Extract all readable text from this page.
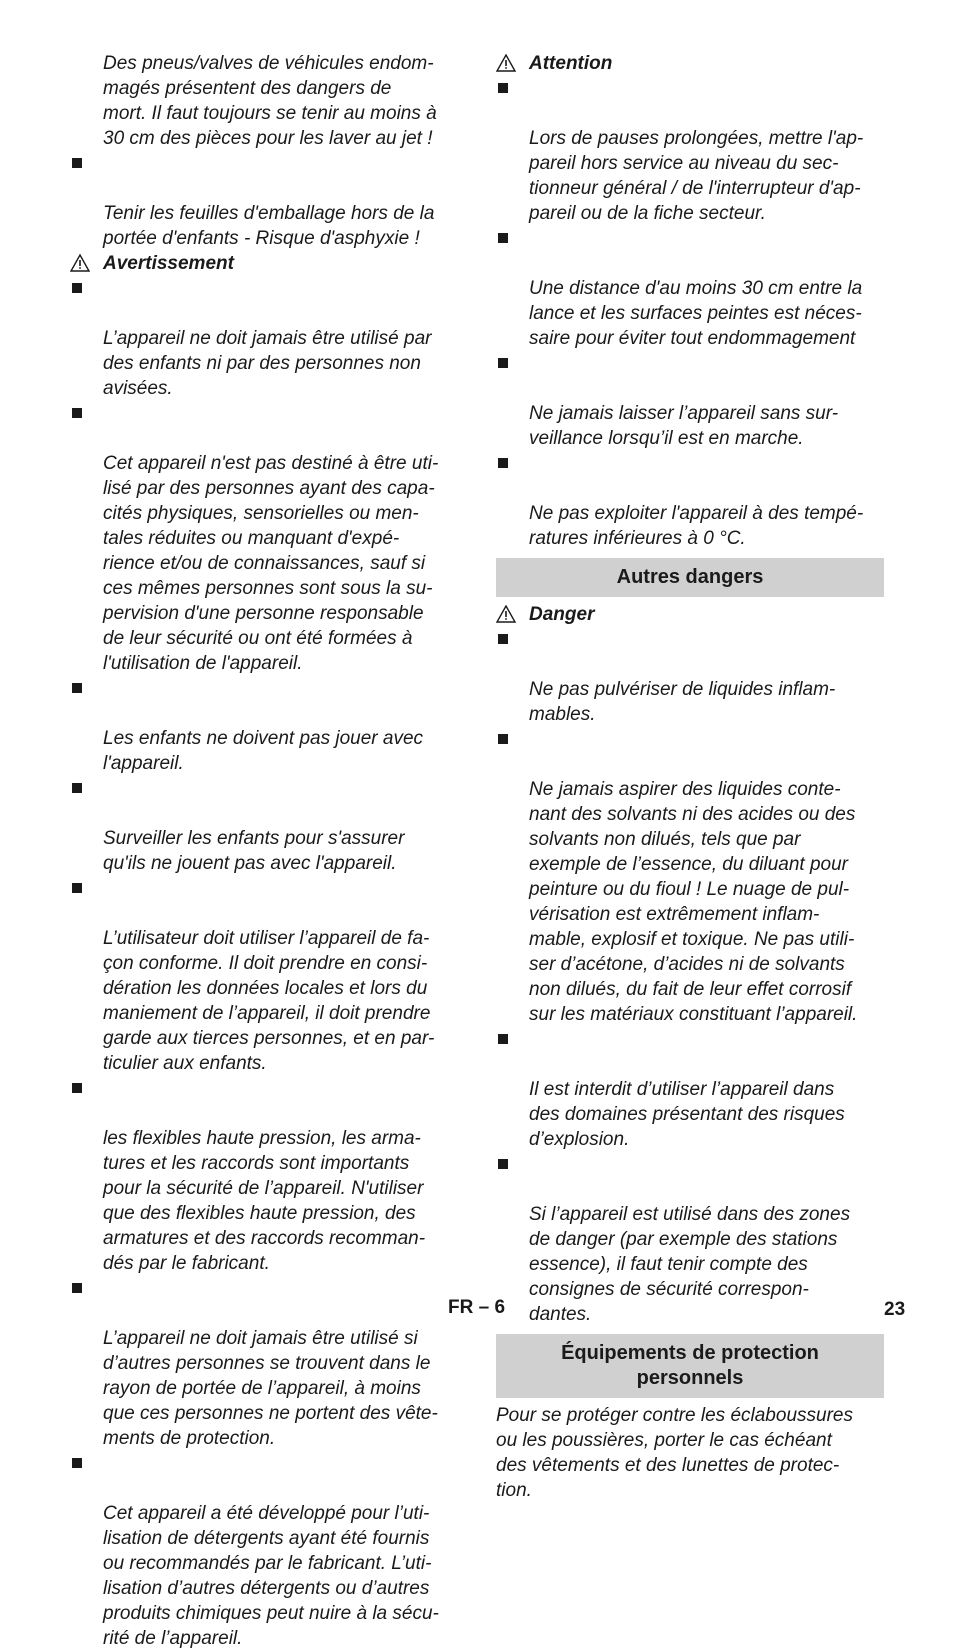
Des pneus/valves de véhicules endom-
magés présentent des dangers de
mort. Il faut toujours se tenir au moins à
30 cm des pièces pour les laver au jet !

Tenir les feuilles d'emballage hors de la
portée d'enfants - Risque d'asphyxie !

Avertissement

L’appareil ne doit jamais être utilisé par
des enfants ni par des personnes non
avisées.

Cet appareil n'est pas destiné à être uti-
lisé par des personnes ayant des capa-
cités physiques, sensorielles ou men-
tales réduites ou manquant d'expé-
rience et/ou de connaissances, sauf si
ces mêmes personnes sont sous la su-
pervision d'une personne responsable
de leur sécurité ou ont été formées à
l'utilisation de l'appareil.

Les enfants ne doivent pas jouer avec
l'appareil.

Surveiller les enfants pour s'assurer
qu'ils ne jouent pas avec l'appareil.

L’utilisateur doit utiliser l’appareil de fa-
çon conforme. Il doit prendre en consi-
dération les données locales et lors du
maniement de l’appareil, il doit prendre
garde aux tierces personnes, et en par-
ticulier aux enfants.

les flexibles haute pression, les arma-
tures et les raccords sont importants
pour la sécurité de l’appareil. N'utiliser
que des flexibles haute pression, des
armatures et des raccords recomman-
dés par le fabricant.

L’appareil ne doit jamais être utilisé si
d’autres personnes se trouvent dans le
rayon de portée de l’appareil, à moins
que ces personnes ne portent des vête-
ments de protection.

Cet appareil a été développé pour l’uti-
lisation de détergents ayant été fournis
ou recommandés par le fabricant. L’uti-
lisation d’autres détergents ou d’autres
produits chimiques peut nuire à la sécu-
rité de l’appareil.

Attention

Lors de pauses prolongées, mettre l'ap-
pareil hors service au niveau du sec-
tionneur général / de l'interrupteur d'ap-
pareil ou de la fiche secteur.

Une distance d'au moins 30 cm entre la
lance et les surfaces peintes est néces-
saire pour éviter tout endommagement

Ne jamais laisser l’appareil sans sur-
veillance lorsqu’il est en marche.

Ne pas exploiter l'appareil à des tempé-
ratures inférieures à 0 °C.

Autres dangers
Danger

Ne pas pulvériser de liquides inflam-
mables.

Ne jamais aspirer des liquides conte-
nant des solvants ni des acides ou des
solvants non dilués, tels que par
exemple de l’essence, du diluant pour
peinture ou du fioul ! Le nuage de pul-
vérisation est extrêmement inflam-
mable, explosif et toxique. Ne pas utili-
ser d’acétone, d’acides ni de solvants
non dilués, du fait de leur effet corrosif
sur les matériaux constituant l’appareil.

Il est interdit d’utiliser l’appareil dans
des domaines présentant des risques
d’explosion.

Si l’appareil est utilisé dans des zones
de danger (par exemple des stations
essence), il faut tenir compte des
consignes de sécurité correspon-
dantes.

Équipements de protection
personnels
Pour se protéger contre les éclaboussures
ou les poussières, porter le cas échéant
des vêtements et des lunettes de protec-
tion.
FR – 6	23
